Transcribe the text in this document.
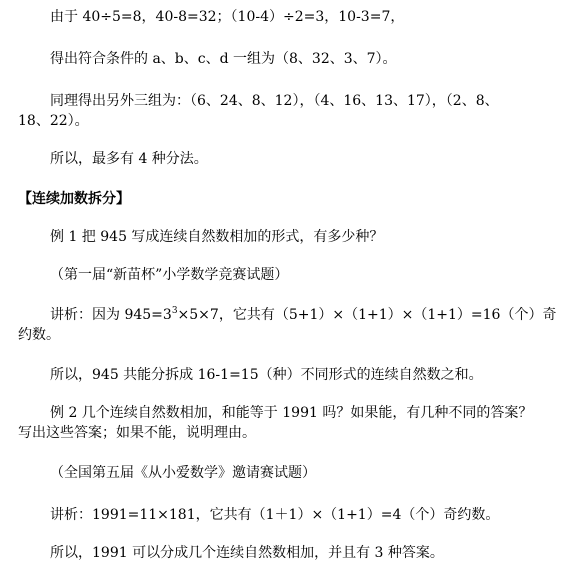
由于 40÷5=8，40-8=32；（10-4）÷2=3，10-3=7，
得出符合条件的 a、b、c、d 一组为（8、32、3、7）。
同理得出另外三组为：（6、24、8、12），（4、16、13、17），（2、8、
18、22）。
所以，最多有 4 种分法。
【连续加数拆分】
例 1 把 945 写成连续自然数相加的形式，有多少种？
（第一届“新苗杯”小学数学竞赛试题）
讲析：因为 $945=3^3\times 5\times 7$，它共有（5+1）×（1+1）×（1+1）=16（个）奇
约数。
所以，945 共能分拆成 16-1=15（种）不同形式的连续自然数之和。
例 2 几个连续自然数相加，和能等于 1991 吗？如果能，有几种不同的答案？
写出这些答案；如果不能，说明理由。
（全国第五届《从小爱数学》邀请赛试题）
讲析：1991=11×181，它共有（1＋1）×（1+1）=4（个）奇约数。
所以，1991 可以分成几个连续自然数相加，并且有 3 种答案。
